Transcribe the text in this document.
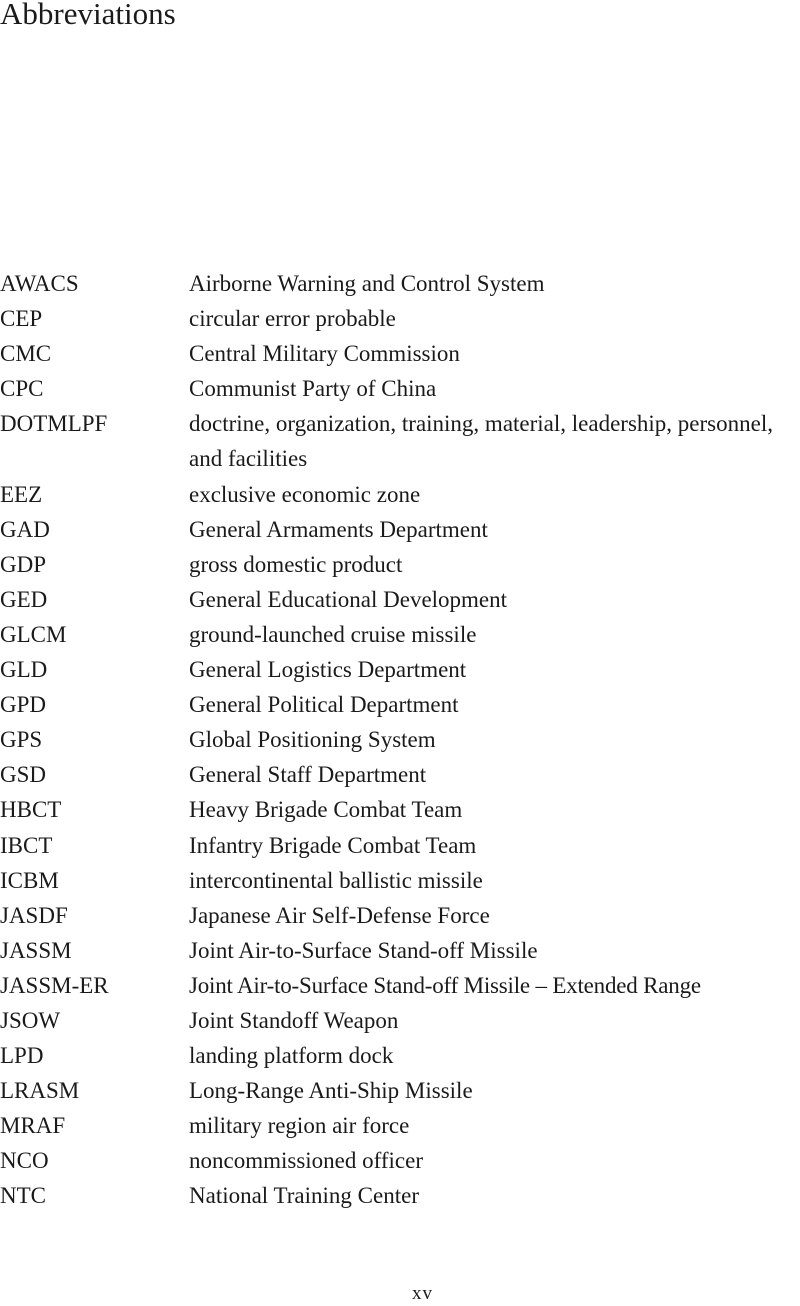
Abbreviations
AWACS	Airborne Warning and Control System
CEP	circular error probable
CMC	Central Military Commission
CPC	Communist Party of China
DOTMLPF	doctrine, organization, training, material, leadership, personnel, and facilities
EEZ	exclusive economic zone
GAD	General Armaments Department
GDP	gross domestic product
GED	General Educational Development
GLCM	ground-launched cruise missile
GLD	General Logistics Department
GPD	General Political Department
GPS	Global Positioning System
GSD	General Staff Department
HBCT	Heavy Brigade Combat Team
IBCT	Infantry Brigade Combat Team
ICBM	intercontinental ballistic missile
JASDF	Japanese Air Self-Defense Force
JASSM	Joint Air-to-Surface Stand-off Missile
JASSM-ER	Joint Air-to-Surface Stand-off Missile – Extended Range
JSOW	Joint Standoff Weapon
LPD	landing platform dock
LRASM	Long-Range Anti-Ship Missile
MRAF	military region air force
NCO	noncommissioned officer
NTC	National Training Center
xv
